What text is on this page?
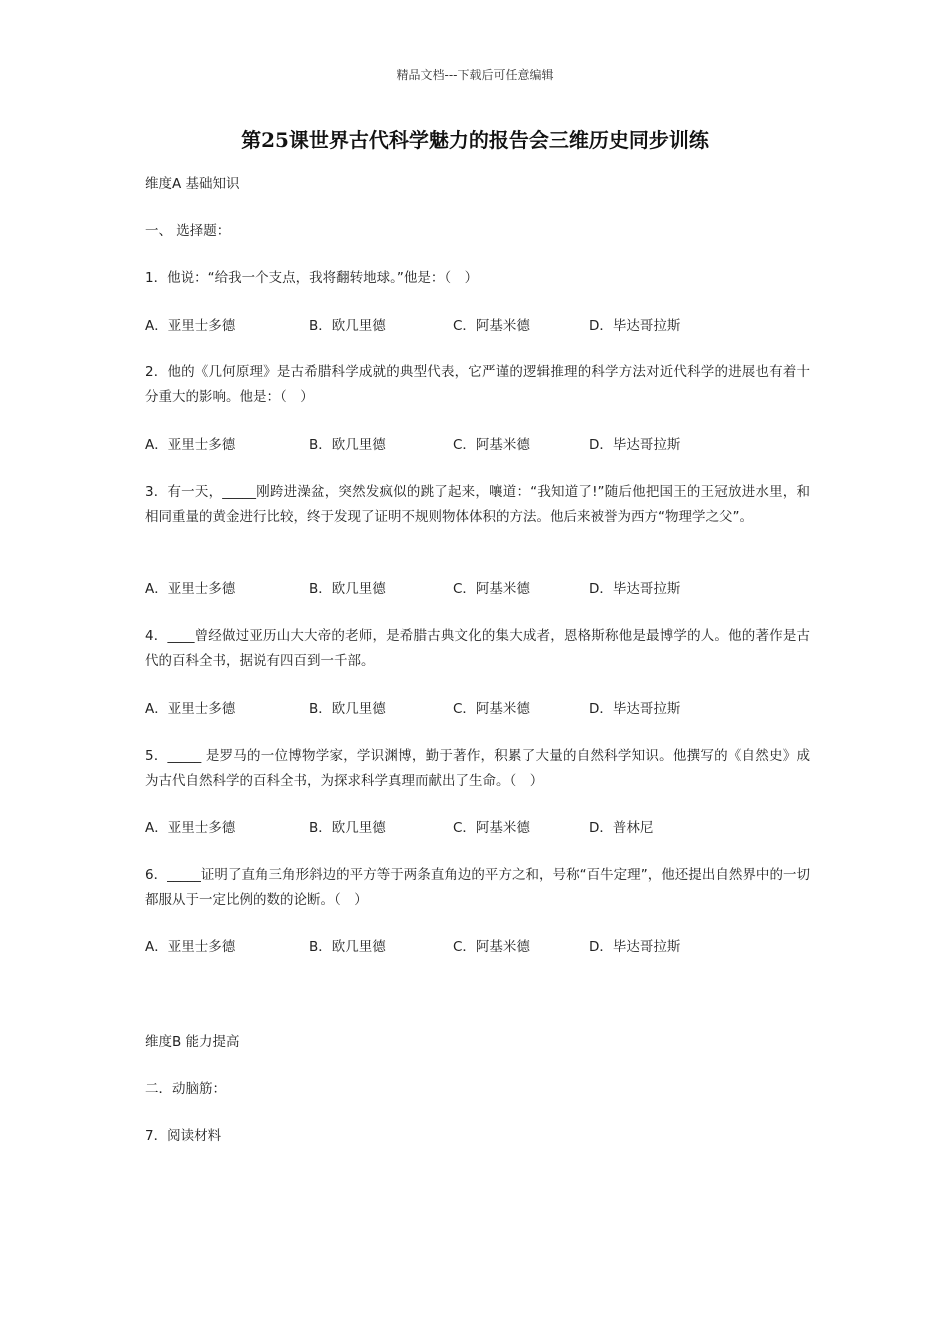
精品文档---下载后可任意编辑
第25课世界古代科学魅力的报告会三维历史同步训练
维度A 基础知识
一、 选择题：
1．他说：“给我一个支点，我将翻转地球。”他是：（　）
A．亚里士多德	B．欧几里德	C．阿基米德	D．毕达哥拉斯
2．他的《几何原理》是古希腊科学成就的典型代表，它严谨的逻辑推理的科学方法对近代科学的进展也有着十分重大的影响。他是：（　）
A．亚里士多德	B．欧几里德	C．阿基米德	D．毕达哥拉斯
3．有一天，_____刚跨进澡盆，突然发疯似的跳了起来，嚷道：“我知道了!”随后他把国王的王冠放进水里，和相同重量的黄金进行比较，终于发现了证明不规则物体体积的方法。他后来被誉为西方“物理学之父”。
A．亚里士多德	B．欧几里德	C．阿基米德	D．毕达哥拉斯
4．____曾经做过亚历山大大帝的老师，是希腊古典文化的集大成者，恩格斯称他是最博学的人。他的著作是古代的百科全书，据说有四百到一千部。
A．亚里士多德	B．欧几里德	C．阿基米德	D．毕达哥拉斯
5．_____ 是罗马的一位博物学家，学识渊博，勤于著作，积累了大量的自然科学知识。他撰写的《自然史》成为古代自然科学的百科全书，为探求科学真理而献出了生命。（　）
A．亚里士多德	B．欧几里德	C．阿基米德	D．普林尼
6．_____证明了直角三角形斜边的平方等于两条直角边的平方之和，号称“百牛定理”，他还提出自然界中的一切都服从于一定比例的数的论断。（　）
A．亚里士多德	B．欧几里德	C．阿基米德	D．毕达哥拉斯
维度B 能力提高
二．动脑筋：
7．阅读材料
